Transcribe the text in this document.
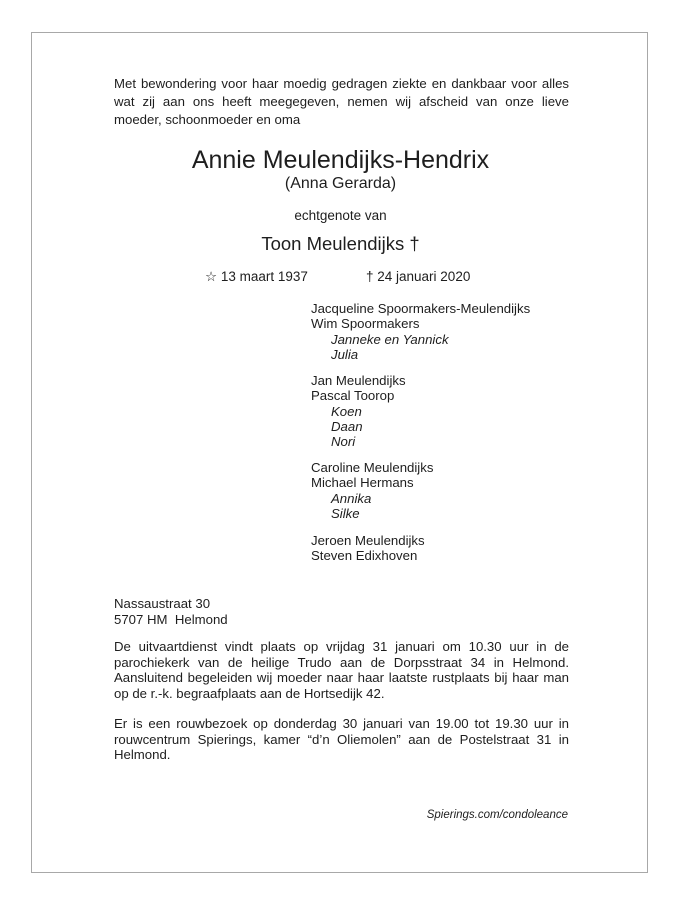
Met bewondering voor haar moedig gedragen ziekte en dankbaar voor alles wat zij aan ons heeft meegegeven, nemen wij afscheid van onze lieve moeder, schoonmoeder en oma
Annie Meulendijks-Hendrix
(Anna Gerarda)
echtgenote van
Toon Meulendijks †
☆ 13 maart 1937	† 24 januari 2020
Jacqueline Spoormakers-Meulendijks
Wim Spoormakers
Janneke en Yannick
Julia
Jan Meulendijks
Pascal Toorop
Koen
Daan
Nori
Caroline Meulendijks
Michael Hermans
Annika
Silke
Jeroen Meulendijks
Steven Edixhoven
Nassaustraat 30
5707 HM  Helmond
De uitvaartdienst vindt plaats op vrijdag 31 januari om 10.30 uur in de parochiekerk van de heilige Trudo aan de Dorpsstraat 34 in Helmond. Aansluitend begeleiden wij moeder naar haar laatste rustplaats bij haar man op de r.-k. begraafplaats aan de Hortsedijk 42.
Er is een rouwbezoek op donderdag 30 januari van 19.00 tot 19.30 uur in rouwcentrum Spierings, kamer “d’n Oliemolen” aan de Postelstraat 31 in Helmond.
Spierings.com/condoleance
